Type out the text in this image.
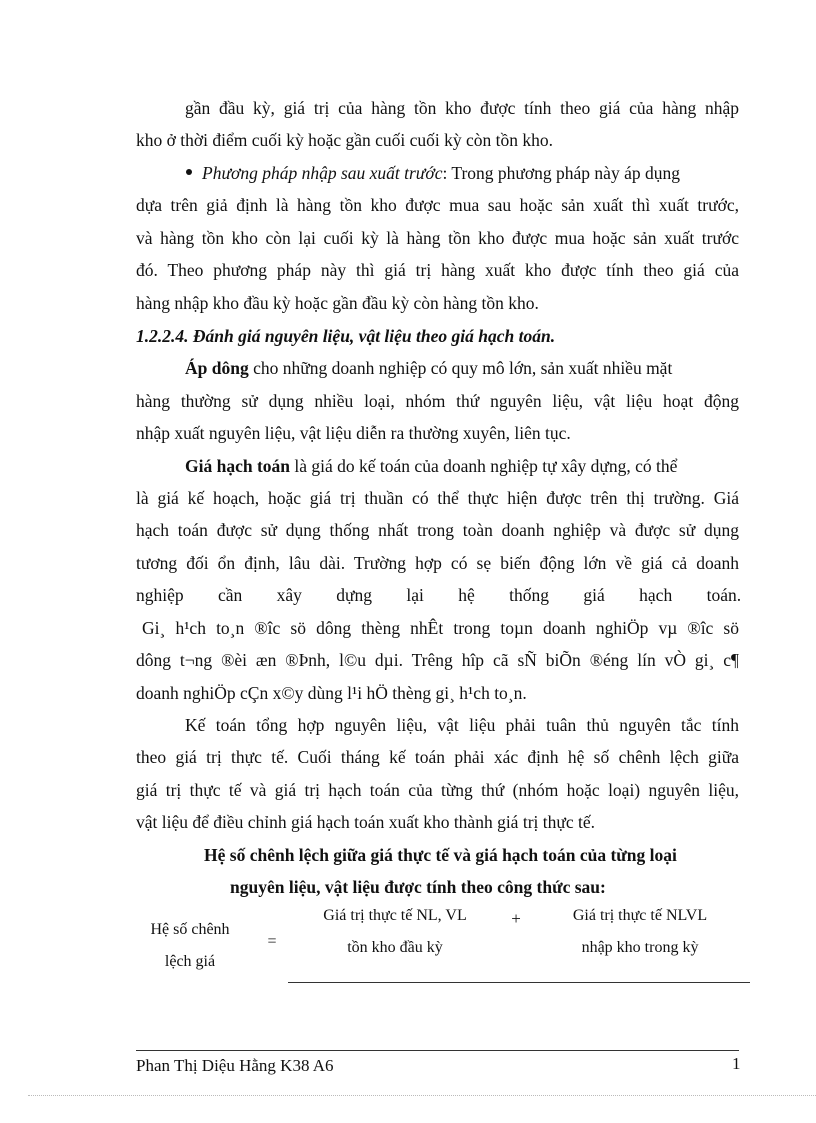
gần đầu kỳ, giá trị của hàng tồn kho được tính theo giá của hàng nhập
kho ở thời điểm cuối kỳ hoặc gần cuối cuối kỳ còn tồn kho.
Phương pháp nhập sau xuất trước : Trong phương pháp này áp dụng
dựa trên giả định là hàng tồn kho được mua sau hoặc sản xuất thì xuất trước,
và hàng tồn kho còn lại cuối kỳ là hàng tồn kho được mua hoặc sản xuất trước
đó. Theo phương pháp này thì giá trị hàng xuất kho được tính theo giá của
hàng nhập kho đầu kỳ hoặc gần đầu kỳ còn hàng tồn kho.
1.2.2.4. Đánh giá nguyên liệu, vật liệu theo giá hạch toán.
Áp dông cho những doanh nghiệp có quy mô lớn, sản xuất nhiều mặt
hàng thường sử dụng nhiều loại, nhóm thứ nguyên liệu, vật liệu hoạt động
nhập xuất nguyên liệu, vật liệu diễn ra thường xuyên, liên tục.
Giá hạch toán là giá do kế toán của doanh nghiệp tự xây dựng, có thể
là giá kế hoạch, hoặc giá trị thuần có thể thực hiện được trên thị trường. Giá
hạch toán được sử dụng thống nhất trong toàn doanh nghiệp và được sử dụng
tương đối ổn định, lâu dài. Trường hợp có sẹ biến động lớn về giá cả doanh
nghiệp cần xây dựng lại hệ thống giá hạch toán.
Gi¸ h¹ch to¸n ®îc sö dông thèng nhÊt trong toµn doanh nghiÖp vµ ®îc sö
dông t¬ng ®èi æn ®Þnh, l©u dµi. Trêng hîp cã sÑ biÕn ®éng lín vÒ gi¸ c¶
doanh nghiÖp cÇn x©y dùng l¹i hÖ thèng gi¸ h¹ch to¸n.
Kế toán tổng hợp nguyên liệu, vật liệu phải tuân thủ nguyên tắc tính
theo giá trị thực tế. Cuối tháng kế toán phải xác định hệ số chênh lệch giữa
giá trị thực tế và giá trị hạch toán của từng thứ (nhóm hoặc loại) nguyên liệu,
vật liệu để điều chỉnh giá hạch toán xuất kho thành giá trị thực tế.
Hệ số chênh lệch giữa giá thực tế và giá hạch toán của từng loại
nguyên liệu, vật liệu được tính theo công thức sau:
Hệ số chênh
lệch giá
=
Giá trị thực tế NL, VL
tồn kho đầu kỳ
+	Giá trị thực tế NLVL
nhập kho trong kỳ
Phan Thị Diệu Hằng K38 A6	1
